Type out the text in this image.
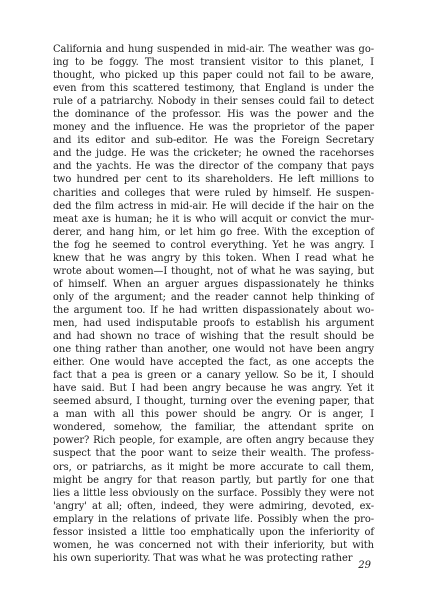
California and hung suspended in mid-air. The weather was go-
ing to be foggy. The most transient visitor to this planet, I
thought, who picked up this paper could not fail to be aware,
even from this scattered testimony, that England is under the
rule of a patriarchy. Nobody in their senses could fail to detect
the dominance of the professor. His was the power and the
money and the influence. He was the proprietor of the paper
and its editor and sub-editor. He was the Foreign Secretary
and the judge. He was the cricketer; he owned the racehorses
and the yachts. He was the director of the company that pays
two hundred per cent to its shareholders. He left millions to
charities and colleges that were ruled by himself. He suspen-
ded the film actress in mid-air. He will decide if the hair on the
meat axe is human; he it is who will acquit or convict the mur-
derer, and hang him, or let him go free. With the exception of
the fog he seemed to control everything. Yet he was angry. I
knew that he was angry by this token. When I read what he
wrote about women—I thought, not of what he was saying, but
of himself. When an arguer argues dispassionately he thinks
only of the argument; and the reader cannot help thinking of
the argument too. If he had written dispassionately about wo-
men, had used indisputable proofs to establish his argument
and had shown no trace of wishing that the result should be
one thing rather than another, one would not have been angry
either. One would have accepted the fact, as one accepts the
fact that a pea is green or a canary yellow. So be it, I should
have said. But I had been angry because he was angry. Yet it
seemed absurd, I thought, turning over the evening paper, that
a man with all this power should be angry. Or is anger, I
wondered, somehow, the familiar, the attendant sprite on
power? Rich people, for example, are often angry because they
suspect that the poor want to seize their wealth. The profess-
ors, or patriarchs, as it might be more accurate to call them,
might be angry for that reason partly, but partly for one that
lies a little less obviously on the surface. Possibly they were not
'angry' at all; often, indeed, they were admiring, devoted, ex-
emplary in the relations of private life. Possibly when the pro-
fessor insisted a little too emphatically upon the inferiority of
women, he was concerned not with their inferiority, but with
his own superiority. That was what he was protecting rather
29
